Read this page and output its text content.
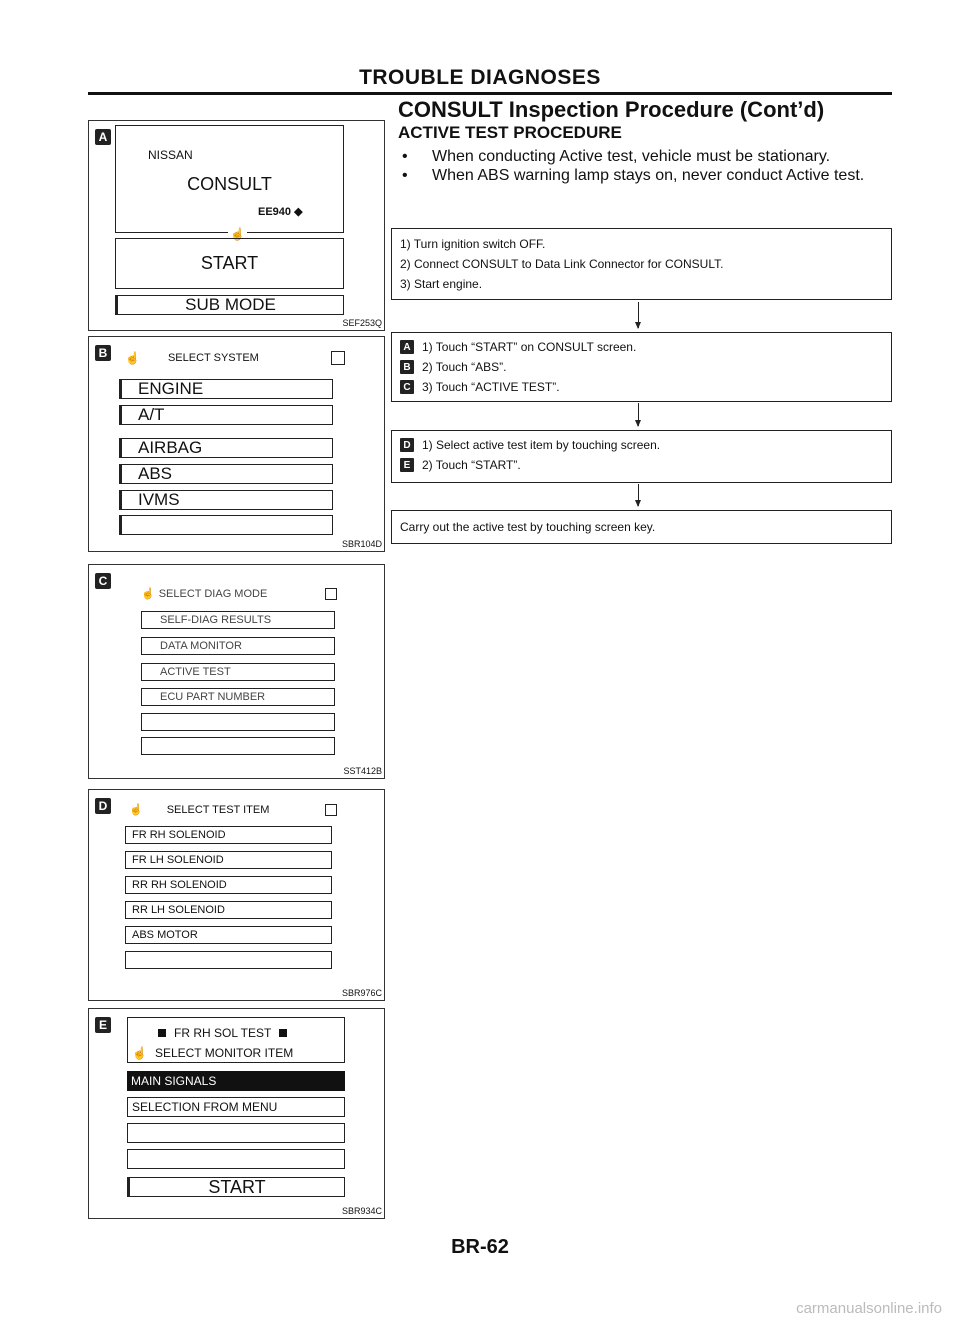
TROUBLE DIAGNOSES
CONSULT Inspection Procedure (Cont’d)
ACTIVE TEST PROCEDURE
•	When conducting Active test, vehicle must be stationary.
•	When ABS warning lamp stays on, never conduct Active test.
1) Turn ignition switch OFF.
2) Connect CONSULT to Data Link Connector for CONSULT.
3) Start engine.
A 1) Touch “START” on CONSULT screen.
B 2) Touch “ABS”.
C 3) Touch “ACTIVE TEST”.
D 1) Select active test item by touching screen.
E 2) Touch “START”.
Carry out the active test by touching screen key.
A
NISSAN
CONSULT
EE940 ◆
☝
START
SUB MODE
SEF253Q
B	☝	SELECT SYSTEM
ENGINE
A/T
AIRBAG
ABS
IVMS
SBR104D
C
☝ SELECT DIAG MODE
SELF-DIAG RESULTS
DATA MONITOR
ACTIVE TEST
ECU PART NUMBER
SST412B
D	☝ SELECT TEST ITEM
FR RH SOLENOID
FR LH SOLENOID
RR RH SOLENOID
RR LH SOLENOID
ABS MOTOR
SBR976C
E
FR RH SOL TEST
☝ SELECT MONITOR ITEM
MAIN SIGNALS
SELECTION FROM MENU
START
SBR934C
BR-62
carmanualsonline.info
